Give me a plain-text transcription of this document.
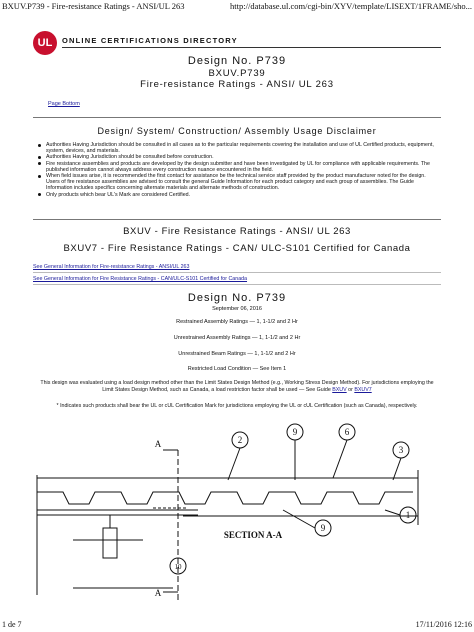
BXUV.P739 - Fire-resistance Ratings - ANSI/UL 263	http://database.ul.com/cgi-bin/XYV/template/LISEXT/1FRAME/sho...
UL	ONLINE CERTIFICATIONS DIRECTORY
Design No. P739
BXUV.P739
Fire-resistance Ratings - ANSI/ UL 263
Page Bottom
Design/ System/ Construction/ Assembly Usage Disclaimer
Authorities Having Jurisdiction should be consulted in all cases as to the particular requirements covering the installation and use of UL Certified products, equipment, system, devices, and materials.
Authorities Having Jurisdiction should be consulted before construction.
Fire resistance assemblies and products are developed by the design submitter and have been investigated by UL for compliance with applicable requirements. The published information cannot always address every construction nuance encountered in the field.
When field issues arise, it is recommended the first contact for assistance be the technical service staff provided by the product manufacturer noted for the design. Users of fire resistance assemblies are advised to consult the general Guide Information for each product category and each group of assemblies. The Guide Information includes specifics concerning alternate materials and alternate methods of construction.
Only products which bear UL's Mark are considered Certified.
BXUV - Fire Resistance Ratings - ANSI/ UL 263
BXUV7 - Fire Resistance Ratings - CAN/ ULC-S101 Certified for Canada
See General Information for Fire-resistance Ratings - ANSI/UL 263
See General Information for Fire Resistance Ratings - CAN/ULC-S101 Certified for Canada
Design No. P739
September 06, 2016
Restrained Assembly Ratings — 1, 1-1/2 and 2 Hr
Unrestrained Assembly Ratings — 1, 1-1/2 and 2 Hr
Unrestrained Beam Ratings — 1, 1-1/2 and 2 Hr
Restricted Load Condition — See Item 1
This design was evaluated using a load design method other than the Limit States Design Method (e.g., Working Stress Design Method). For jurisdictions employing the Limit States Design Method, such as Canada, a load restriction factor shall be used — See Guide BXUV or BXUV7
* Indicates such products shall bear the UL or cUL Certification Mark for jurisdictions employing the UL or cUL Certification (such as Canada), respectively.
A
A
2
9	6
3
1
9
10
SECTION A-A
1 de 7	17/11/2016 12:16
